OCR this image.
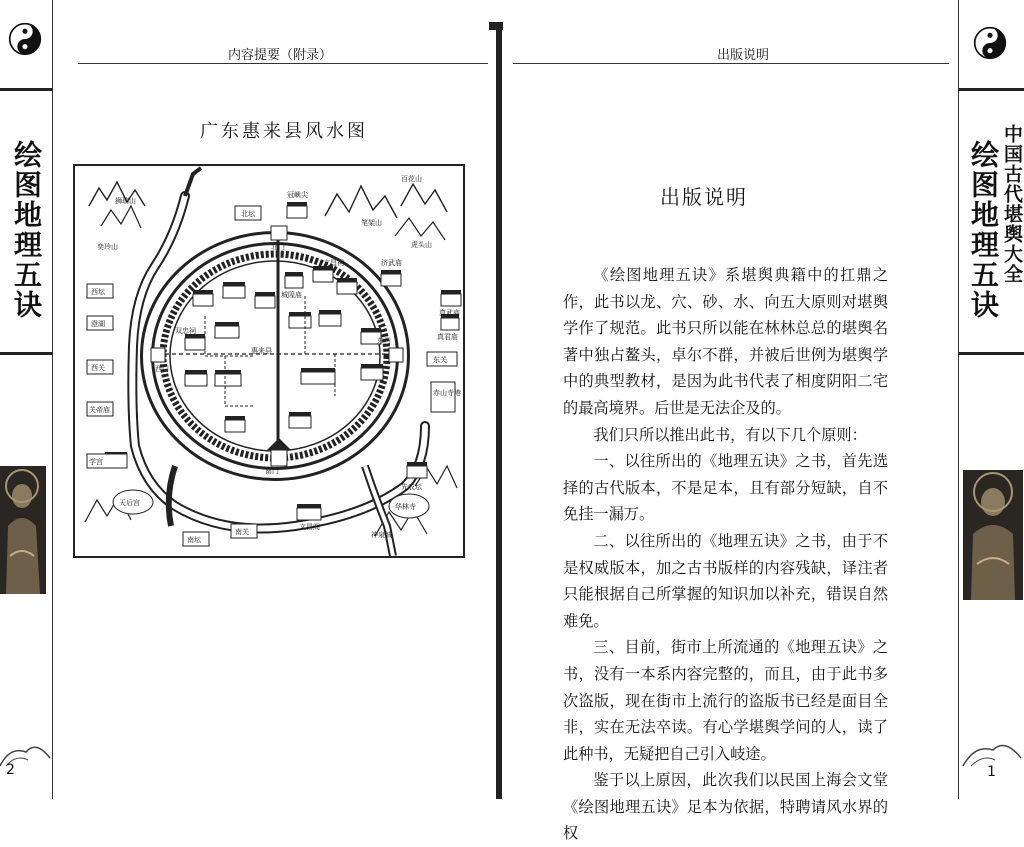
绘图地理五诀
2
内容提要（附录）
广东惠来县风水图
狮瑞山
奕玲山
冠嶼尖
笔架山
百花山
虎头山
北坛
北门
城隍庙
文昌祠	济武庙
西坛
澄湖
西关
关帝庙
西门
惠来县
东门
真武庙
真君庙
东关
南门
南关
南坛
文昌阁
先农坛
华林寺
神泉城
天后宫
赤山寺港
双忠祠
学宫
出版说明
出版说明

《绘图地理五诀》系堪舆典籍中的扛鼎之作，此书以龙、穴、砂、水、向五大原则对堪舆学作了规范。此书只所以能在林林总总的堪舆名著中独占鳌头，卓尔不群，并被后世例为堪舆学中的典型教材，是因为此书代表了相度阴阳二宅的最高境界。后世是无法企及的。

我们只所以推出此书，有以下几个原则：

一、以往所出的《地理五诀》之书，首先选择的古代版本，不是足本，且有部分短缺，自不免挂一漏万。

二、以往所出的《地理五诀》之书，由于不是权威版本，加之古书版样的内容残缺，译注者只能根据自己所掌握的知识加以补充，错误自然难免。

三、目前，街市上所流通的《地理五诀》之书，没有一本系内容完整的，而且，由于此书多次盗版，现在街市上流行的盗版书已经是面目全非，实在无法卒读。有心学堪舆学问的人，读了此种书，无疑把自己引入岐途。

鉴于以上原因，此次我们以民国上海会文堂《绘图地理五诀》足本为依据，特聘请风水界的权

绘图地理五诀 中国古代堪舆大全
1
